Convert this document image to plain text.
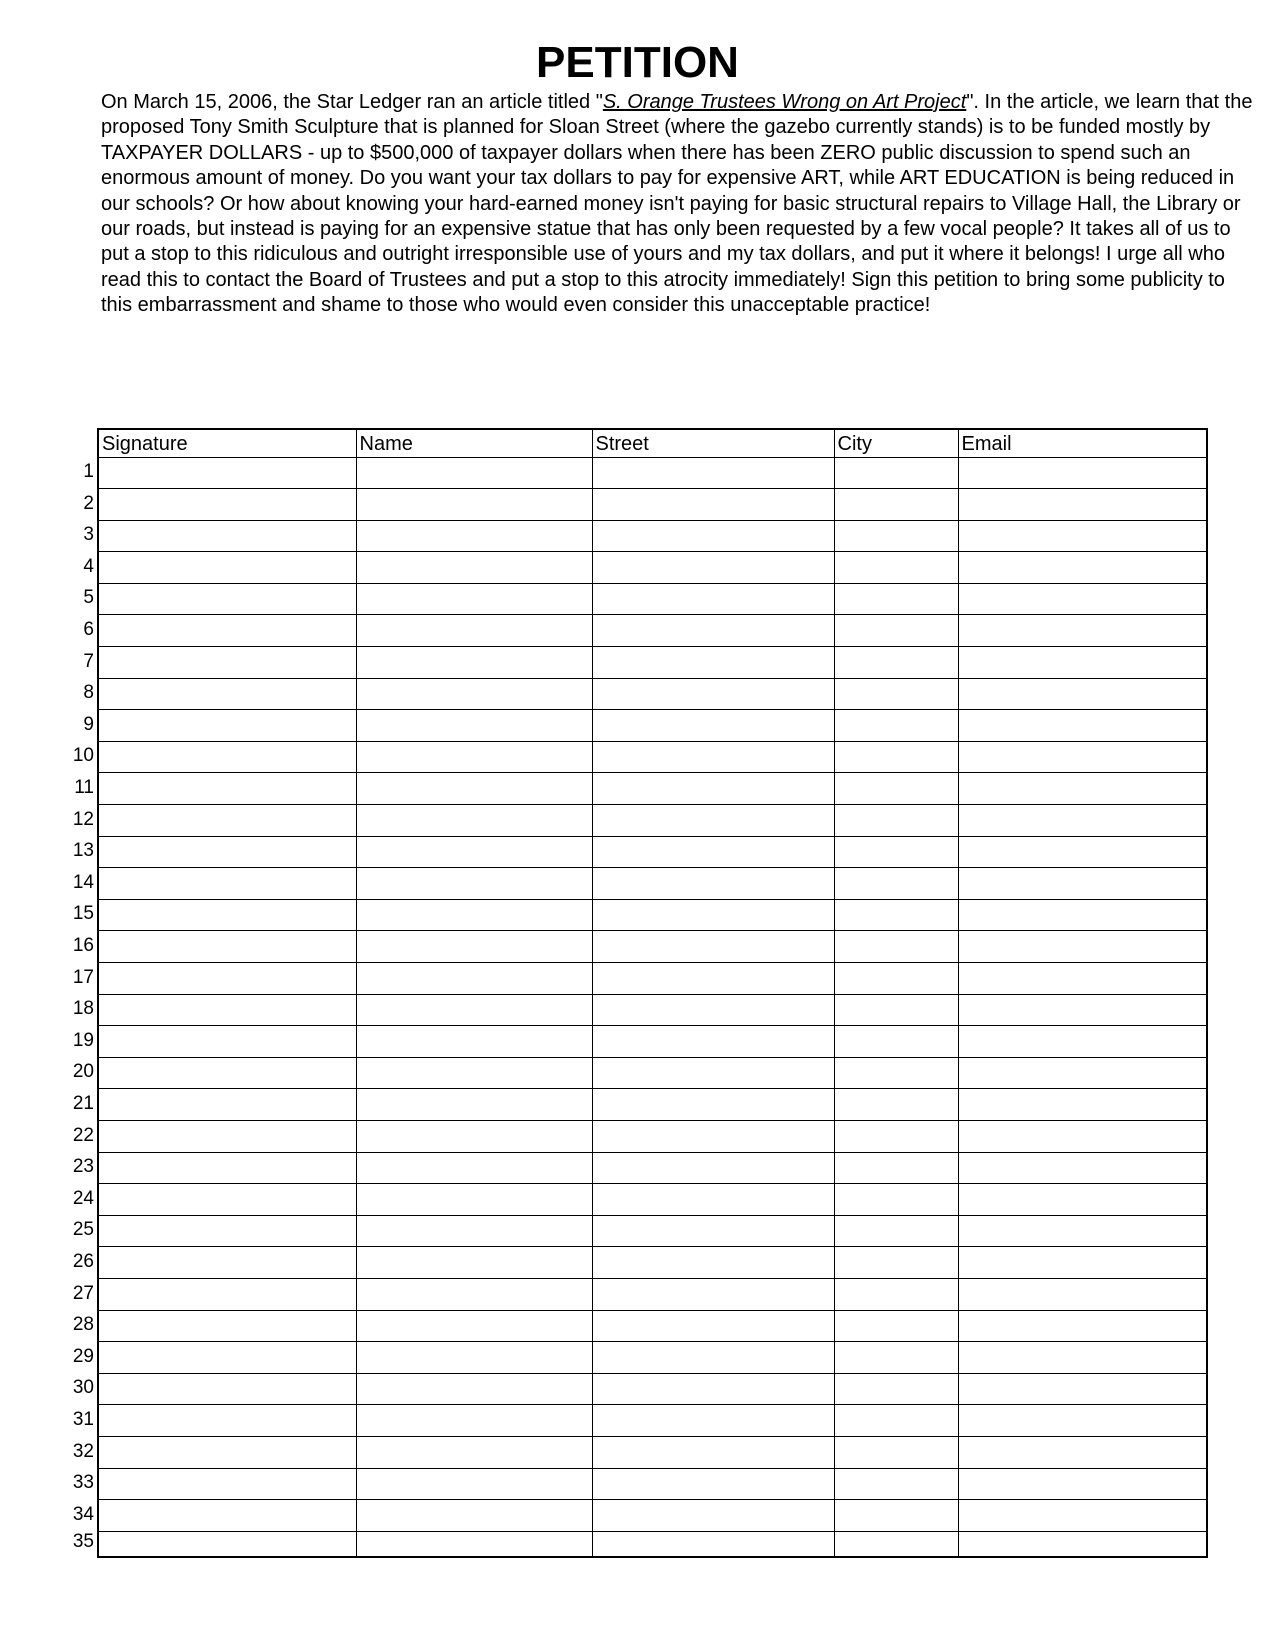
PETITION
On March 15, 2006, the Star Ledger ran an article titled "S. Orange Trustees Wrong on Art Project". In the article, we learn that the proposed Tony Smith Sculpture that is planned for Sloan Street (where the gazebo currently stands) is to be funded mostly by TAXPAYER DOLLARS - up to $500,000 of taxpayer dollars when there has been ZERO public discussion to spend such an enormous amount of money. Do you want your tax dollars to pay for expensive ART, while ART EDUCATION is being reduced in our schools? Or how about knowing your hard-earned money isn't paying for basic structural repairs to Village Hall, the Library or our roads, but instead is paying for an expensive statue that has only been requested by a few vocal people? It takes all of us to put a stop to this ridiculous and outright irresponsible use of yours and my tax dollars, and put it where it belongs! I urge all who read this to contact the Board of Trustees and put a stop to this atrocity immediately! Sign this petition to bring some publicity to this embarrassment and shame to those who would even consider this unacceptable practice!
Signature	Name	Street	City	Email

1
2
3
4
5
6
7
8
9
10
11
12
13
14
15
16
17
18
19
20
21
22
23
24
25
26
27
28
29
30
31
32
33
34
35
